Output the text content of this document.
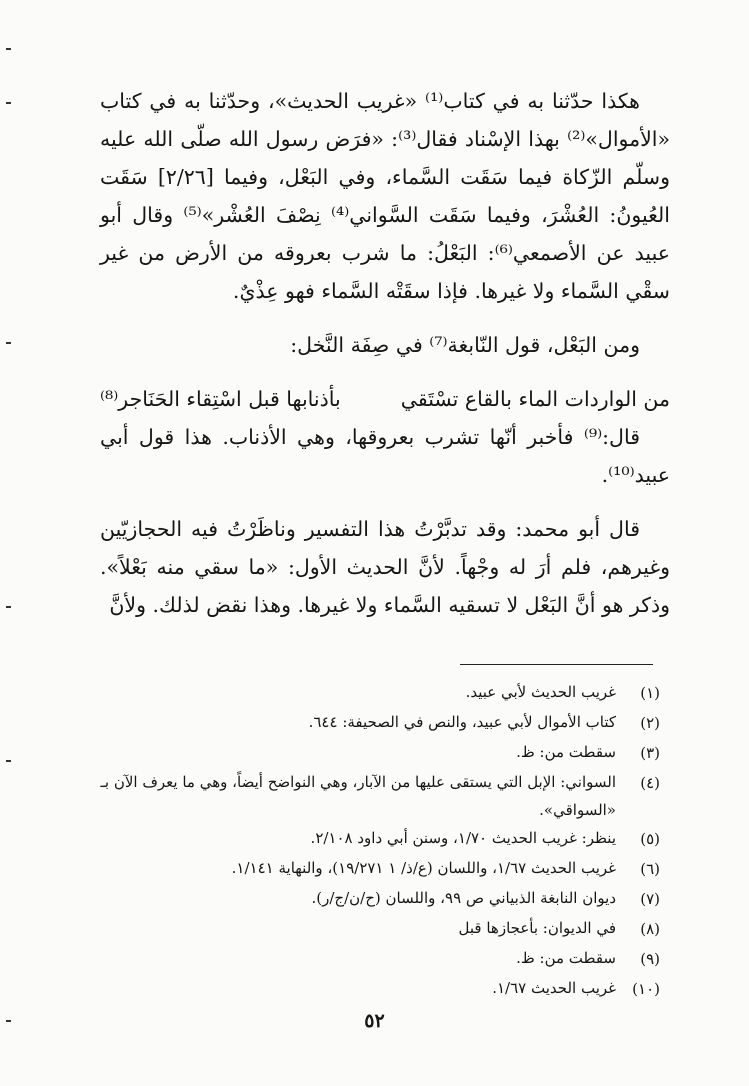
هكذا حدّثنا به في كتاب⁠⁽¹⁾ «غريب الحديث»، وحدّثنا به في كتاب «الأموال»⁽²⁾ بهذا الإسْناد فقال⁽³⁾: «فرَض رسول الله صلّى الله عليه وسلّم الزّكاة فيما سَقَت السَّماء، وفي البَعْل، وفيما [٢/٢٦] سَقَت العُيونُ: العُشْرَ، وفيما سَقَت السَّواني⁽⁴⁾ نِصْفَ العُشْر»⁽⁵⁾ وقال أبو عبيد عن الأصمعي⁽⁶⁾: البَعْلُ: ما شرب بعروقه من الأرض من غير سقْي السَّماء ولا غيرها. فإذا سقَتْه السَّماء فهو عِذْيٌ.

ومن البَعْل، قول النّابغة⁽⁷⁾ في صِفَة النَّخل:

من الواردات الماء بالقاع تسْتَقي
بأذنابها قبل اسْتِقاء الحَنَاجر⁽⁸⁾

قال:⁽⁹⁾ فأخبر أنّها تشرب بعروقها، وهي الأذناب. هذا قول أبي عبيد⁽¹⁰⁾.

قال أبو محمد: وقد تدبَّرْتُ هذا التفسير وناظَرْتُ فيه الحجازيّين وغيرهم، فلم أرَ له وجْهاً. لأنَّ الحديث الأول: «ما سقي منه بَعْلاً». وذكر هو أنَّ البَعْل لا تسقيه السَّماء ولا غيرها. وهذا نقض لذلك. ولأنَّ

(١)
غريب الحديث لأبي عبيد.
(٢)
كتاب الأموال لأبي عبيد، والنص في الصحيفة: ٦٤٤.
(٣)
سقطت من: ظ.
(٤)
السواني: الإبل التي يستقى عليها من الآبار، وهي النواضح أيضاً، وهي ما يعرف الآن بـ «السواقي».
(٥)
ينظر: غريب الحديث ١/٧٠، وسنن أبي داود ٢/١٠٨.
(٦)
غريب الحديث ١/٦٧، واللسان (ع/ذ/ ١ ١٩/٢٧١)، والنهاية ١/١٤١.
(٧)
ديوان النابغة الذبياني ص ٩٩، واللسان (ح/ن/ج/ر).
(٨)
في الديوان: بأعجازها قبل
(٩)
سقطت من: ظ.
(١٠)
غريب الحديث ١/٦٧.
٥٢
